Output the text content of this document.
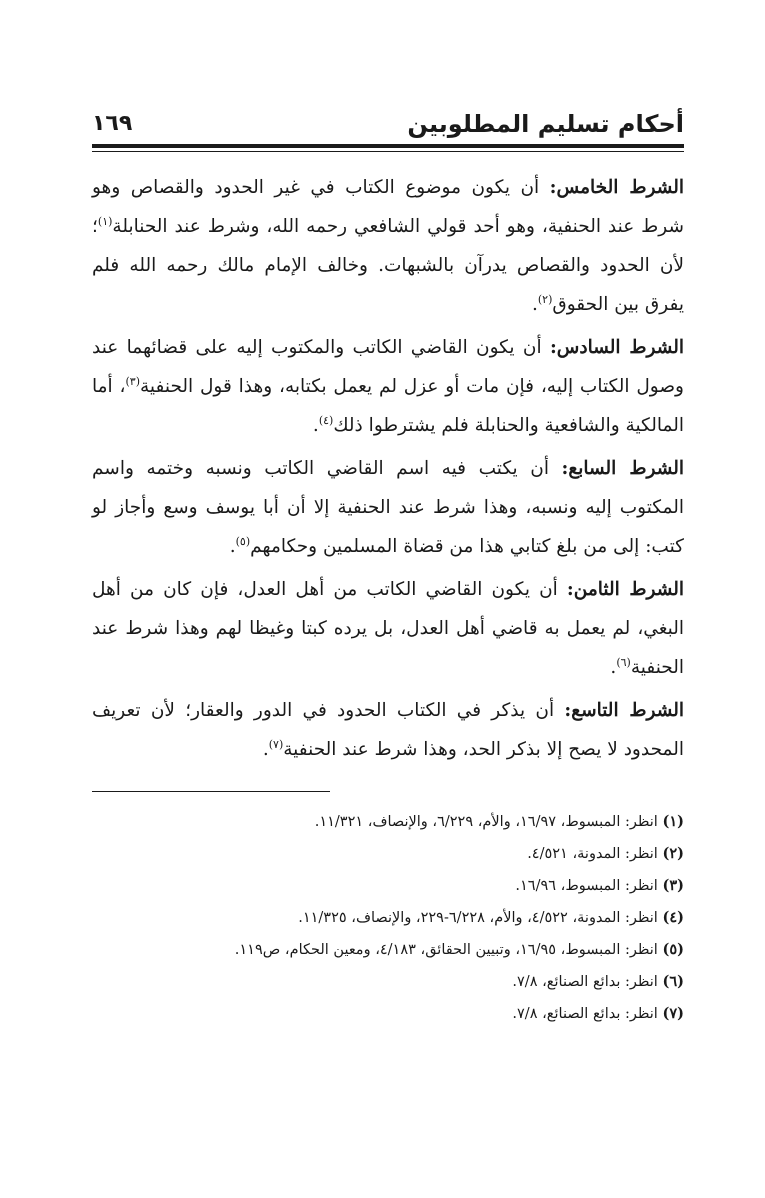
أحكام تسليم المطلوبين
١٦٩

الشرط الخامس: أن يكون موضوع الكتاب في غير الحدود والقصاص وهو شرط عند الحنفية، وهو أحد قولي الشافعي رحمه الله، وشرط عند الحنابلة$^{(١)}$؛ لأن الحدود والقصاص يدرآن بالشبهات. وخالف الإمام مالك رحمه الله فلم يفرق بين الحقوق$^{(٢)}$.

الشرط السادس: أن يكون القاضي الكاتب والمكتوب إليه على قضائهما عند وصول الكتاب إليه، فإن مات أو عزل لم يعمل بكتابه، وهذا قول الحنفية$^{(٣)}$، أما المالكية والشافعية والحنابلة فلم يشترطوا ذلك$^{(٤)}$.

الشرط السابع: أن يكتب فيه اسم القاضي الكاتب ونسبه وختمه واسم المكتوب إليه ونسبه، وهذا شرط عند الحنفية إلا أن أبا يوسف وسع وأجاز لو كتب: إلى من بلغ كتابي هذا من قضاة المسلمين وحكامهم$^{(٥)}$.

الشرط الثامن: أن يكون القاضي الكاتب من أهل العدل، فإن كان من أهل البغي، لم يعمل به قاضي أهل العدل، بل يرده كبتا وغيظا لهم وهذا شرط عند الحنفية$^{(٦)}$.

الشرط التاسع: أن يذكر في الكتاب الحدود في الدور والعقار؛ لأن تعريف المحدود لا يصح إلا بذكر الحد، وهذا شرط عند الحنفية$^{(٧)}$.

(١) انظر: المبسوط، ١٦/٩٧، والأم، ٦/٢٢٩، والإنصاف، ١١/٣٢١.
(٢) انظر: المدونة، ٤/٥٢١.
(٣) انظر: المبسوط، ١٦/٩٦.
(٤) انظر: المدونة، ٤/٥٢٢، والأم، ٦/٢٢٨-٢٢٩، والإنصاف، ١١/٣٢٥.
(٥) انظر: المبسوط، ١٦/٩٥، وتبيين الحقائق، ٤/١٨٣، ومعين الحكام، ص١١٩.
(٦) انظر: بدائع الصنائع، ٧/٨.
(٧) انظر: بدائع الصنائع، ٧/٨.
